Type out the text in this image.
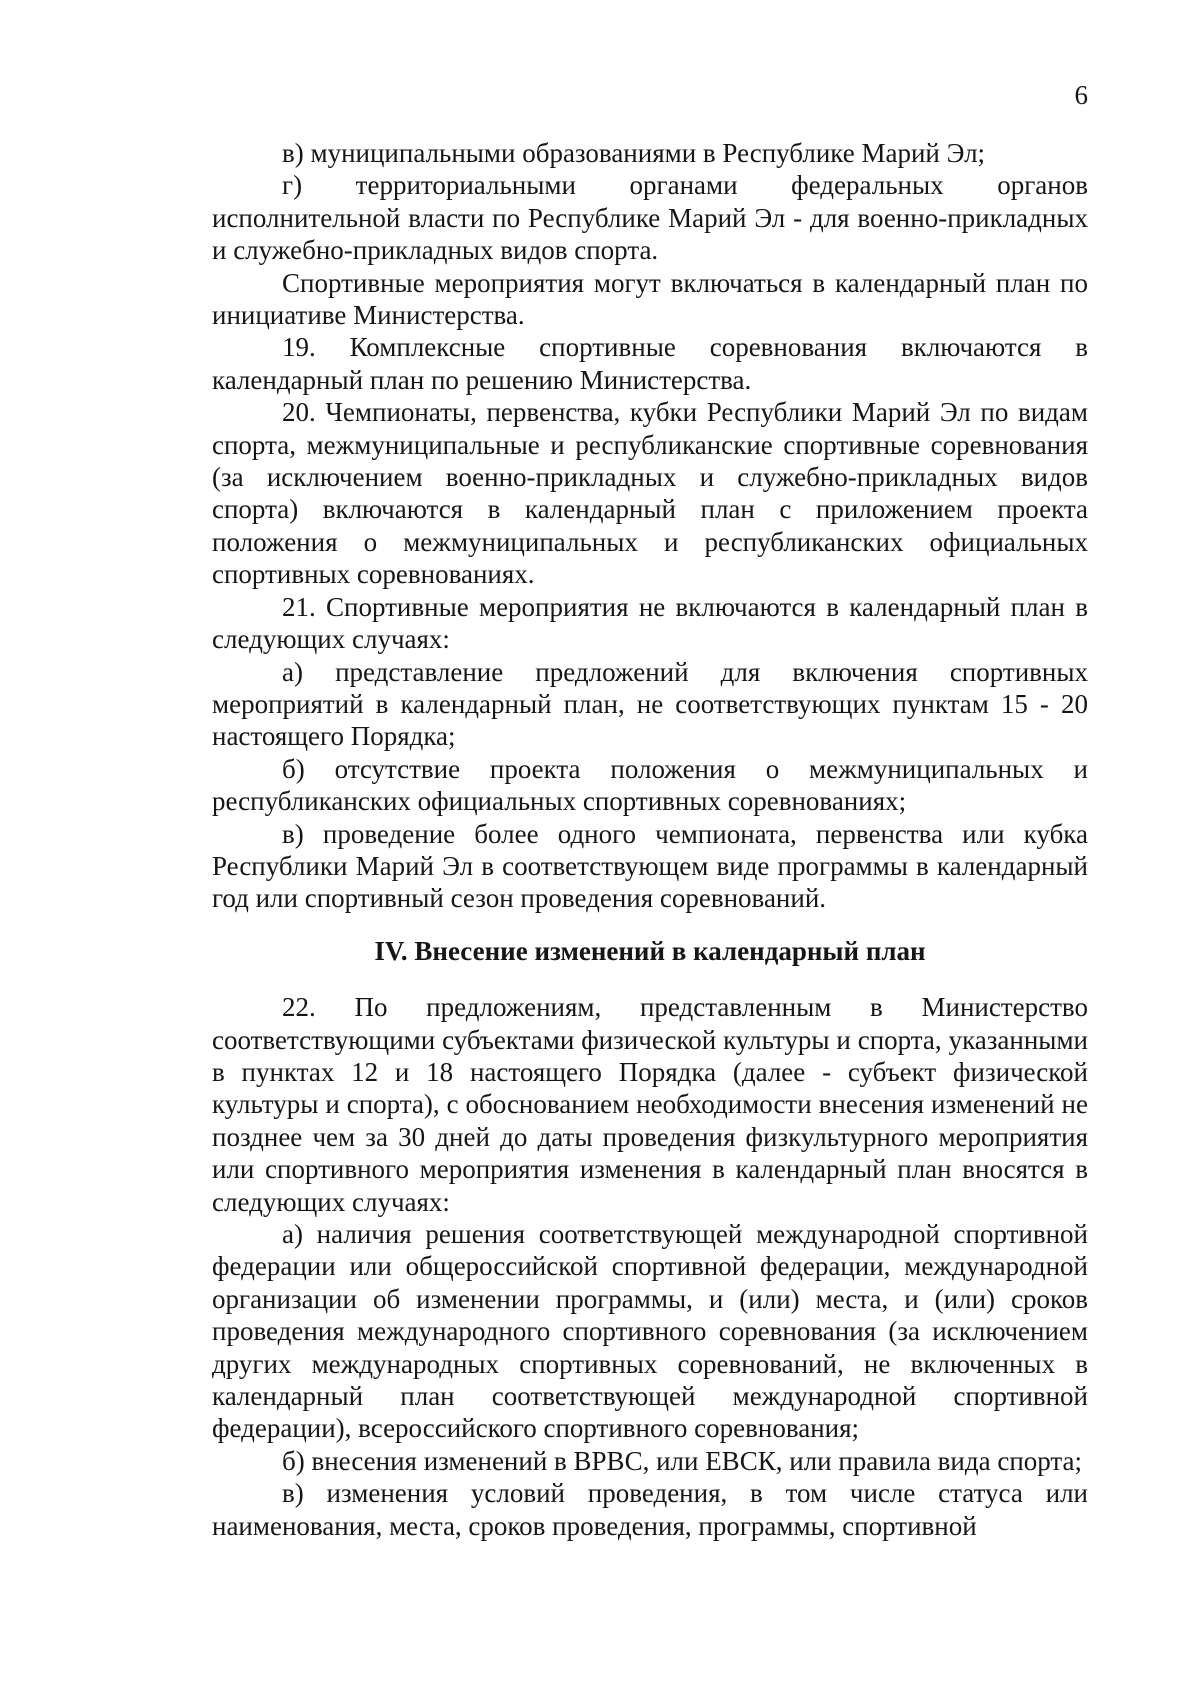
6

в) муниципальными образованиями в Республике Марий Эл;

г) территориальными органами федеральных органов исполнительной власти по Республике Марий Эл - для военно-прикладных и служебно-прикладных видов спорта.

Спортивные мероприятия могут включаться в календарный план по инициативе Министерства.

19. Комплексные спортивные соревнования включаются в календарный план по решению Министерства.

20. Чемпионаты, первенства, кубки Республики Марий Эл по видам спорта, межмуниципальные и республиканские спортивные соревнования (за исключением военно-прикладных и служебно-прикладных видов спорта) включаются в календарный план с приложением проекта положения о межмуниципальных и республиканских официальных спортивных соревнованиях.

21. Спортивные мероприятия не включаются в календарный план в следующих случаях:

а) представление предложений для включения спортивных мероприятий в календарный план, не соответствующих пунктам 15 - 20 настоящего Порядка;

б) отсутствие проекта положения о межмуниципальных и республиканских официальных спортивных соревнованиях;

в) проведение более одного чемпионата, первенства или кубка Республики Марий Эл в соответствующем виде программы в календарный год или спортивный сезон проведения соревнований.

IV. Внесение изменений в календарный план

22. По предложениям, представленным в Министерство соответствующими субъектами физической культуры и спорта, указанными в пунктах 12 и 18 настоящего Порядка (далее - субъект физической культуры и спорта), с обоснованием необходимости внесения изменений не позднее чем за 30 дней до даты проведения физкультурного мероприятия или спортивного мероприятия изменения в календарный план вносятся в следующих случаях:

а) наличия решения соответствующей международной спортивной федерации или общероссийской спортивной федерации, международной организации об изменении программы, и (или) места, и (или) сроков проведения международного спортивного соревнования (за исключением других международных спортивных соревнований, не включенных в календарный план соответствующей международной спортивной федерации), всероссийского спортивного соревнования;

б) внесения изменений в ВРВС, или ЕВСК, или правила вида спорта;

в) изменения условий проведения, в том числе статуса или наименования, места, сроков проведения, программы, спортивной
